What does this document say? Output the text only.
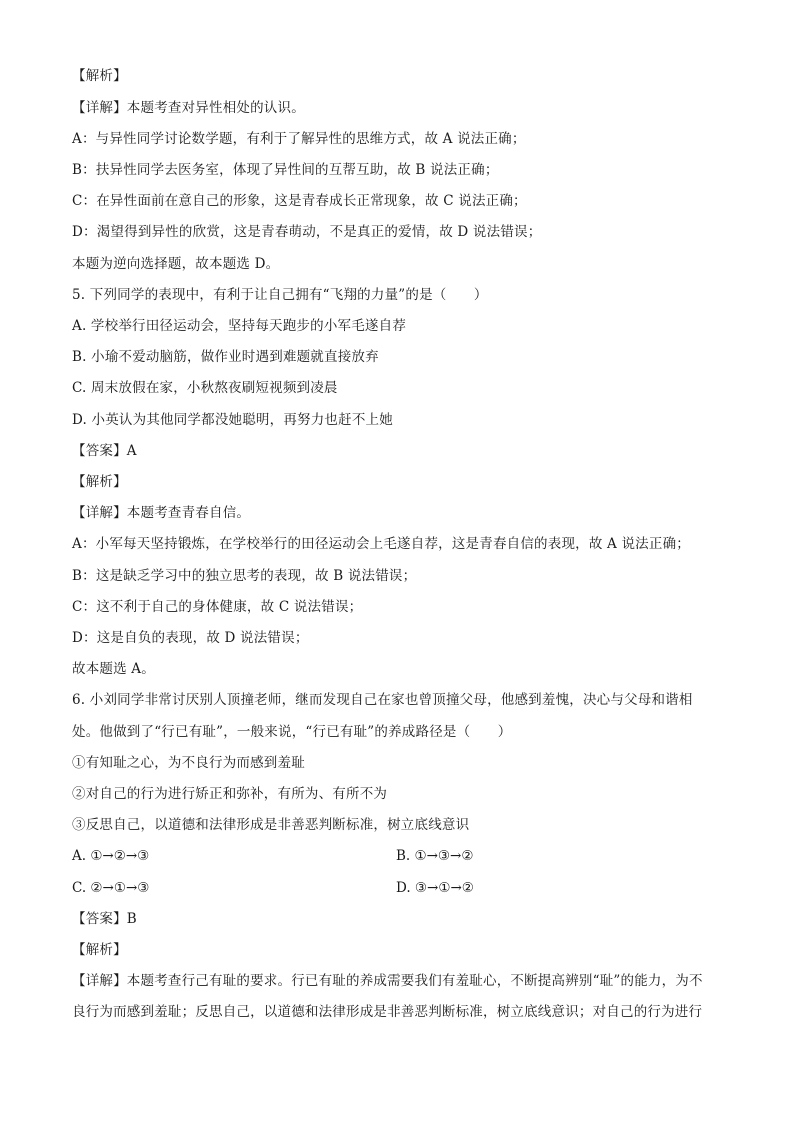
【解析】
【详解】本题考查对异性相处的认识。
A：与异性同学讨论数学题，有利于了解异性的思维方式，故 A 说法正确；
B：扶异性同学去医务室，体现了异性间的互帮互助，故 B 说法正确；
C：在异性面前在意自己的形象，这是青春成长正常现象，故 C 说法正确；
D：渴望得到异性的欣赏，这是青春萌动，不是真正的爱情，故 D 说法错误；
本题为逆向选择题，故本题选 D。
5. 下列同学的表现中，有利于让自己拥有“飞翔的力量”的是（　　）
A. 学校举行田径运动会，坚持每天跑步的小军毛遂自荐
B. 小瑜不爱动脑筋，做作业时遇到难题就直接放弃
C. 周末放假在家，小秋熬夜刷短视频到凌晨
D. 小英认为其他同学都没她聪明，再努力也赶不上她
【答案】A
【解析】
【详解】本题考查青春自信。
A：小军每天坚持锻炼，在学校举行的田径运动会上毛遂自荐，这是青春自信的表现，故 A 说法正确；
B：这是缺乏学习中的独立思考的表现，故 B 说法错误；
C：这不利于自己的身体健康，故 C 说法错误；
D：这是自负的表现，故 D 说法错误；
故本题选 A。
6. 小刘同学非常讨厌别人顶撞老师，继而发现自己在家也曾顶撞父母，他感到羞愧，决心与父母和谐相
处。他做到了“行已有耻”，一般来说，“行已有耻”的养成路径是（　　）
①有知耻之心，为不良行为而感到羞耻
②对自己的行为进行矫正和弥补，有所为、有所不为
③反思自己，以道德和法律形成是非善恶判断标准，树立底线意识
A. ①→②→③	B. ①→③→②
C. ②→①→③	D. ③→①→②
【答案】B
【解析】
【详解】本题考查行己有耻的要求。行已有耻的养成需要我们有羞耻心，不断提高辨别“耻”的能力，为不
良行为而感到羞耻；反思自己，以道德和法律形成是非善恶判断标准，树立底线意识；对自己的行为进行
